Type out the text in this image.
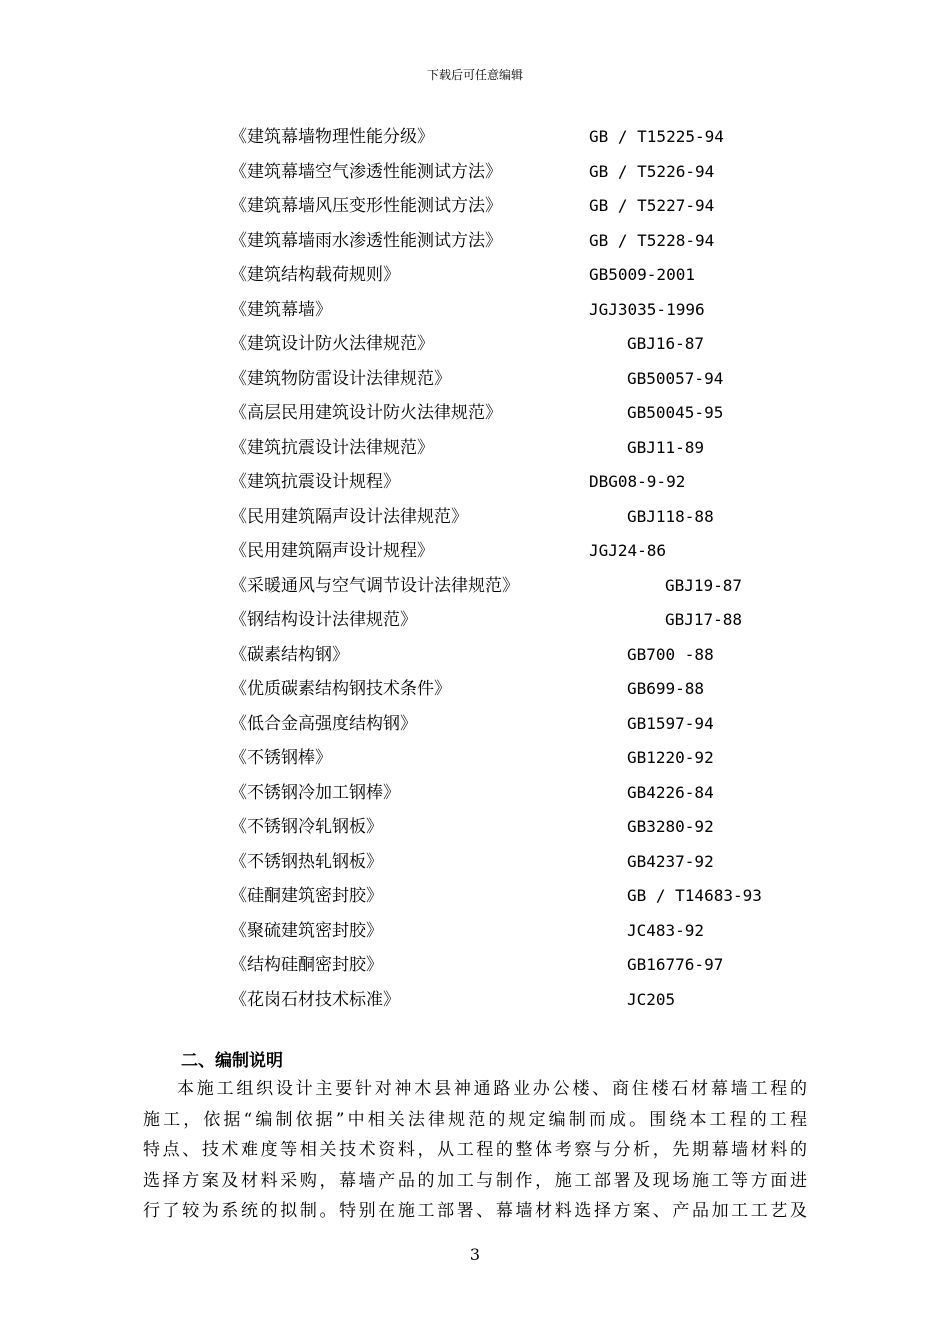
下载后可任意编辑
《建筑幕墙物理性能分级》	GB / T15225-94
《建筑幕墙空气渗透性能测试方法》	GB / T5226-94
《建筑幕墙风压变形性能测试方法》	GB / T5227-94
《建筑幕墙雨水渗透性能测试方法》	GB / T5228-94
《建筑结构载荷规则》	GB5009-2001
《建筑幕墙》	JGJ3035-1996
《建筑设计防火法律规范》	GBJ16-87
《建筑物防雷设计法律规范》	GB50057-94
《高层民用建筑设计防火法律规范》	GB50045-95
《建筑抗震设计法律规范》	GBJ11-89
《建筑抗震设计规程》	DBG08-9-92
《民用建筑隔声设计法律规范》	GBJ118-88
《民用建筑隔声设计规程》	JGJ24-86
《采暖通风与空气调节设计法律规范》	GBJ19-87
《钢结构设计法律规范》	GBJ17-88
《碳素结构钢》	GB700 -88
《优质碳素结构钢技术条件》	GB699-88
《低合金高强度结构钢》	GB1597-94
《不锈钢棒》	GB1220-92
《不锈钢冷加工钢棒》	GB4226-84
《不锈钢冷轧钢板》	GB3280-92
《不锈钢热轧钢板》	GB4237-92
《硅酮建筑密封胶》	GB / T14683-93
《聚硫建筑密封胶》	JC483-92
《结构硅酮密封胶》	GB16776-97
《花岗石材技术标准》	JC205
二、编制说明
本施工组织设计主要针对神木县神通路业办公楼、商住楼石材幕墙工程的
施工，依据“编制依据”中相关法律规范的规定编制而成。围绕本工程的工程
特点、技术难度等相关技术资料，从工程的整体考察与分析，先期幕墙材料的
选择方案及材料采购，幕墙产品的加工与制作，施工部署及现场施工等方面进
行了较为系统的拟制。特别在施工部署、幕墙材料选择方案、产品加工工艺及
3
